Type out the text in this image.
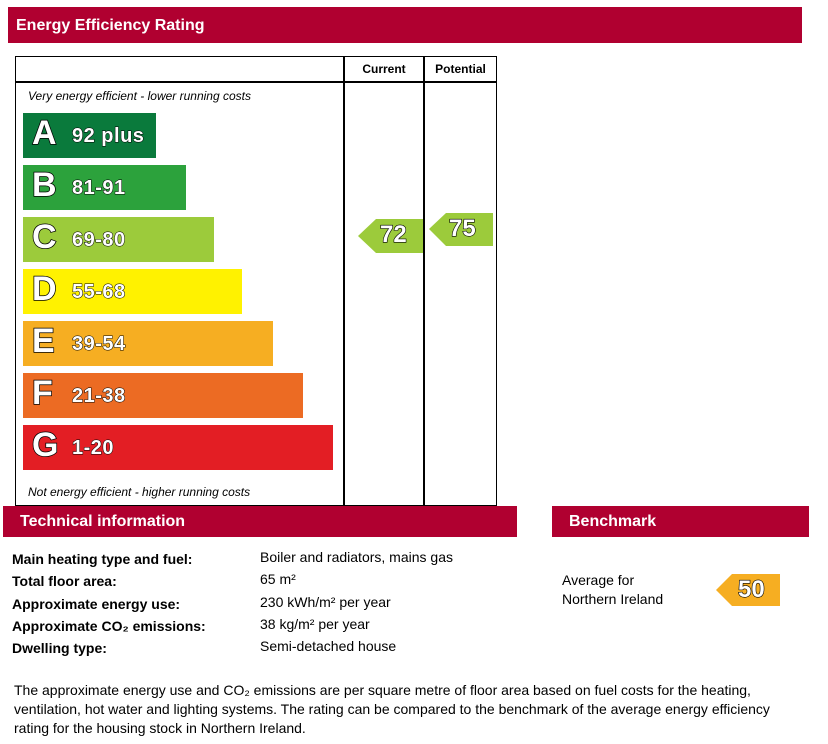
Energy Efficiency Rating
Current	Potential
Very energy efficient - lower running costs
Not energy efficient - higher running costs
A 92 plus
B 81-91
C 69-80
D 55-68
E 39-54
F 21-38
G 1-20
72 75
Technical information
Main heating type and fuel:	Boiler and radiators, mains gas
Total floor area:	65 m²
Approximate energy use:	230 kWh/m² per year
Approximate CO₂ emissions:	38 kg/m² per year
Dwelling type:	Semi-detached house
Benchmark
Average for
Northern Ireland	50
The approximate energy use and CO₂ emissions are per square metre of floor area based on fuel costs for the heating, ventilation, hot water and lighting systems. The rating can be compared to the benchmark of the average energy efficiency rating for the housing stock in Northern Ireland.
